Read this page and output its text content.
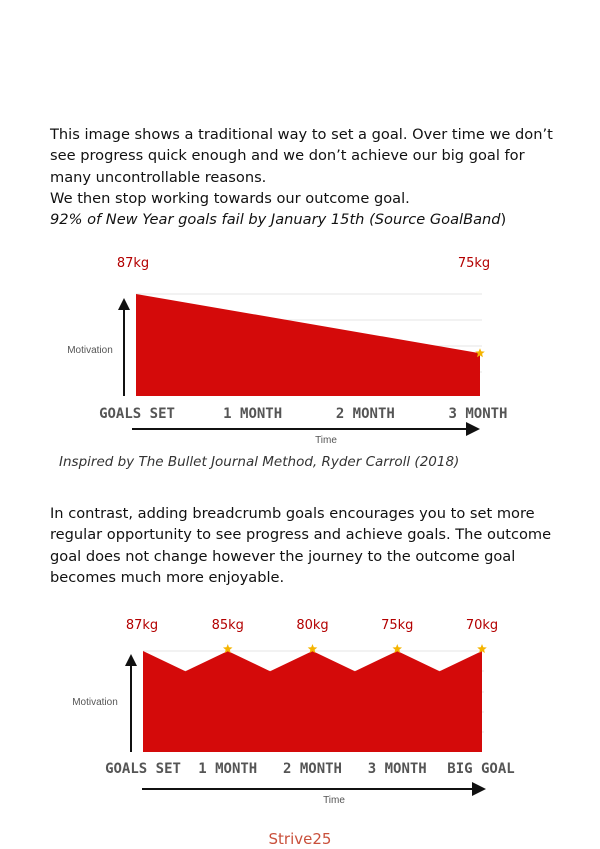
This image shows a traditional way to set a goal. Over time we don’t
see progress quick enough and we don’t achieve our big goal for
many uncontrollable reasons.
We then stop working towards our outcome goal.
92% of New Year goals fail by January 15th (Source GoalBand)

Motivation
Time
GOALS SET	1 MONTH	2 MONTH	3 MONTH
87kg	75kg
Inspired by The Bullet Journal Method, Ryder Carroll (2018)

In contrast, adding breadcrumb goals encourages you to set more
regular opportunity to see progress and achieve goals. The outcome
goal does not change however the journey to the outcome goal
becomes much more enjoyable.

Motivation
Time
GOALS SET 1 MONTH 2 MONTH 3 MONTH BIG GOAL
87kg	85kg	80kg	75kg	70kg
Strive25
